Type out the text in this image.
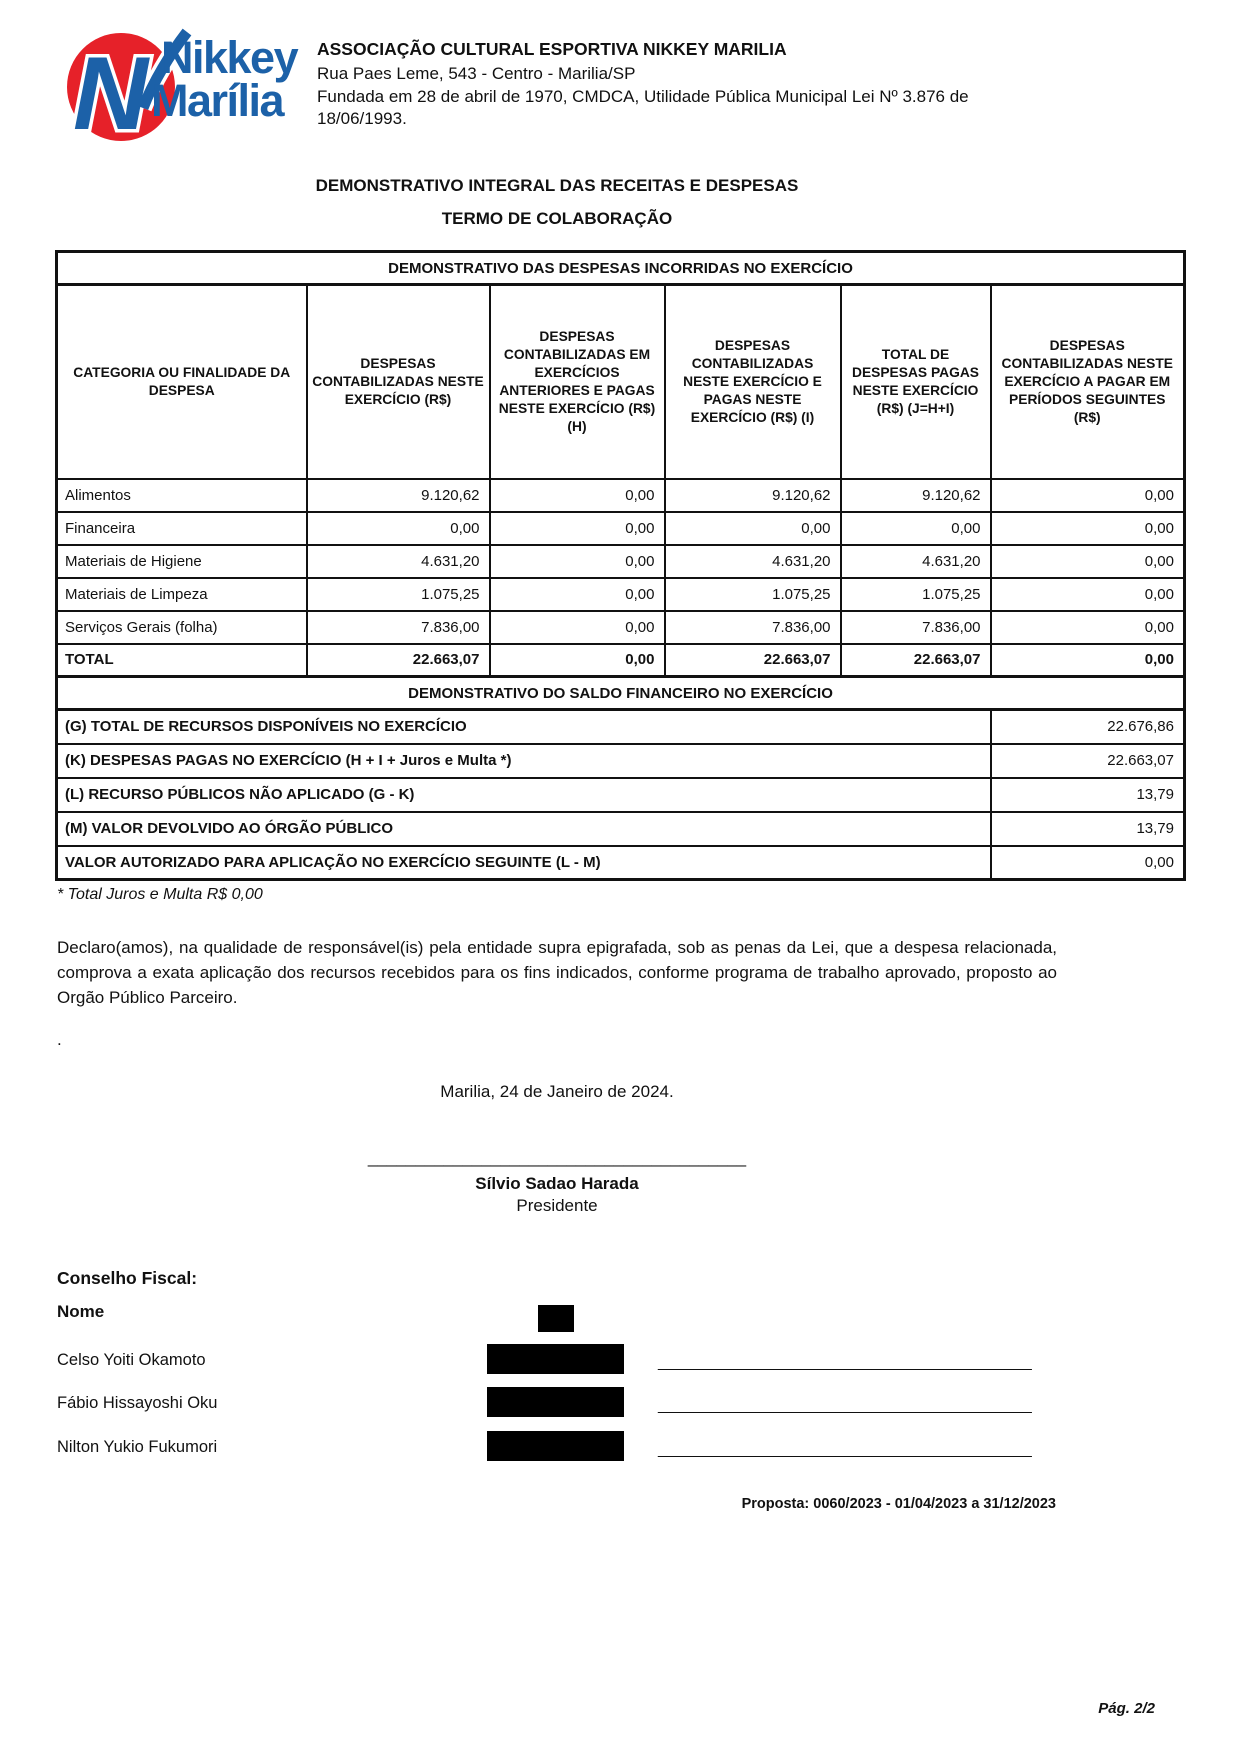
N Nikkey
Marília
ASSOCIAÇÃO CULTURAL ESPORTIVA NIKKEY MARILIA
Rua Paes Leme, 543 - Centro - Marilia/SP
Fundada em 28 de abril de 1970, CMDCA, Utilidade Pública Municipal Lei Nº 3.876 de 18/06/1993.
DEMONSTRATIVO INTEGRAL DAS RECEITAS E DESPESAS
TERMO DE COLABORAÇÃO
DEMONSTRATIVO DAS DESPESAS INCORRIDAS NO EXERCÍCIO					
CATEGORIA OU FINALIDADE DA DESPESA	DESPESAS CONTABILIZADAS NESTE EXERCÍCIO (R$)	DESPESAS CONTABILIZADAS EM EXERCÍCIOS ANTERIORES E PAGAS NESTE EXERCÍCIO (R$) (H)	DESPESAS CONTABILIZADAS NESTE EXERCÍCIO E PAGAS NESTE EXERCÍCIO (R$) (I)	TOTAL DE DESPESAS PAGAS NESTE EXERCÍCIO (R$) (J=H+I)	DESPESAS CONTABILIZADAS NESTE EXERCÍCIO A PAGAR EM PERÍODOS SEGUINTES (R$)
Alimentos	9.120,62	0,00	9.120,62	9.120,62	0,00
Financeira	0,00	0,00	0,00	0,00	0,00
Materiais de Higiene	4.631,20	0,00	4.631,20	4.631,20	0,00
Materiais de Limpeza	1.075,25	0,00	1.075,25	1.075,25	0,00
Serviços Gerais (folha)	7.836,00	0,00	7.836,00	7.836,00	0,00
TOTAL	22.663,07	0,00	22.663,07	22.663,07	0,00
DEMONSTRATIVO DO SALDO FINANCEIRO NO EXERCÍCIO					
(G) TOTAL DE RECURSOS DISPONÍVEIS NO EXERCÍCIO					22.676,86
(K) DESPESAS PAGAS NO EXERCÍCIO (H + I + Juros e Multa *)					22.663,07
(L) RECURSO PÚBLICOS NÃO APLICADO (G - K)					13,79
(M) VALOR DEVOLVIDO AO ÓRGÃO PÚBLICO					13,79
VALOR AUTORIZADO PARA APLICAÇÃO NO EXERCÍCIO SEGUINTE (L - M)					0,00
* Total Juros e Multa R$ 0,00
Declaro(amos), na qualidade de responsável(is) pela entidade supra epigrafada, sob as penas da Lei, que a despesa relacionada, comprova a exata aplicação dos recursos recebidos para os fins indicados, conforme programa de trabalho aprovado, proposto ao Orgão Público Parceiro.
.
Marilia, 24 de Janeiro de 2024.
________________________________________
Sílvio Sadao Harada
Presidente
Conselho Fiscal:
Nome
Celso Yoiti Okamoto	__________________________________________
Fábio Hissayoshi Oku	__________________________________________
Nilton Yukio Fukumori	__________________________________________
Proposta: 0060/2023 - 01/04/2023 a 31/12/2023
Pág. 2/2
